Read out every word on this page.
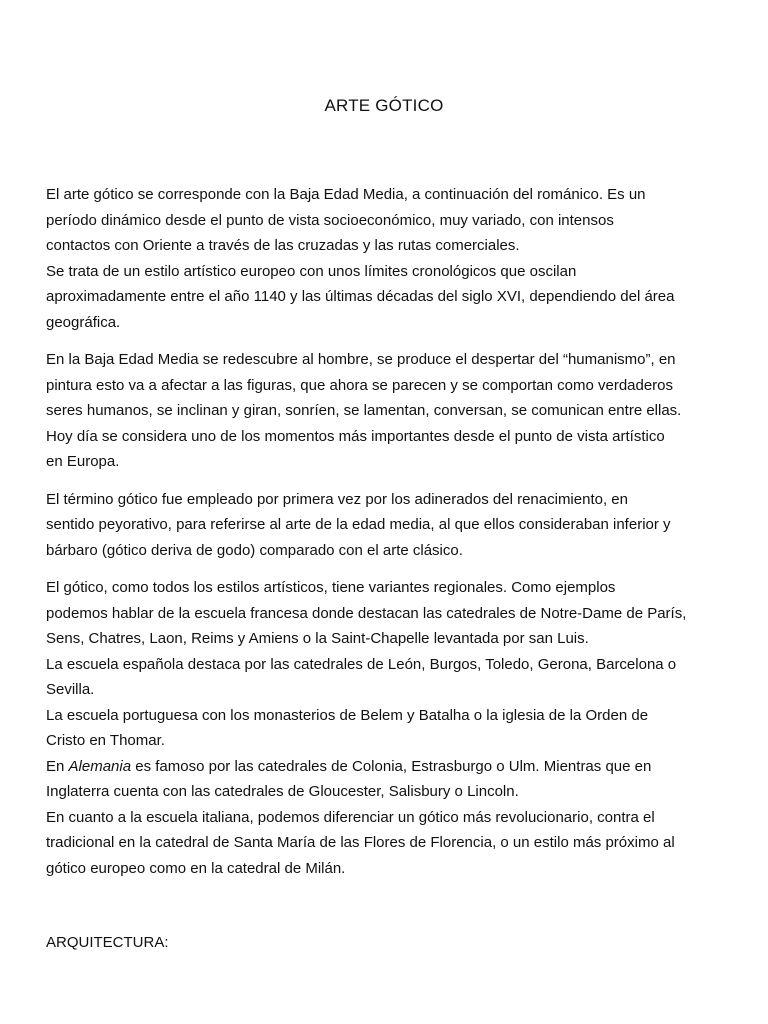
ARTE GÓTICO

El arte gótico se corresponde con la Baja Edad Media, a continuación del románico. Es un
período dinámico desde el punto de vista socioeconómico, muy variado, con intensos
contactos con Oriente a través de las cruzadas y las rutas comerciales.
Se trata de un estilo artístico europeo con unos límites cronológicos que oscilan
aproximadamente entre el año 1140 y las últimas décadas del siglo XVI, dependiendo del área
geográfica.

En la Baja Edad Media se redescubre al hombre, se produce el despertar del “humanismo”, en
pintura esto va a afectar a las figuras, que ahora se parecen y se comportan como verdaderos
seres humanos, se inclinan y giran, sonríen, se lamentan, conversan, se comunican entre ellas.
Hoy día se considera uno de los momentos más importantes desde el punto de vista artístico
en Europa.

El término gótico fue empleado por primera vez por los adinerados del renacimiento, en
sentido peyorativo, para referirse al arte de la edad media, al que ellos consideraban inferior y
bárbaro (gótico deriva de godo) comparado con el arte clásico.

El gótico, como todos los estilos artísticos, tiene variantes regionales. Como ejemplos
podemos hablar de la escuela francesa donde destacan las catedrales de Notre-Dame de París,
Sens, Chatres, Laon, Reims y Amiens o la Saint-Chapelle levantada por san Luis.
La escuela española destaca por las catedrales de León, Burgos, Toledo, Gerona, Barcelona o
Sevilla.
La escuela portuguesa con los monasterios de Belem y Batalha o la iglesia de la Orden de
Cristo en Thomar.
En Alemania es famoso por las catedrales de Colonia, Estrasburgo o Ulm. Mientras que en
Inglaterra cuenta con las catedrales de Gloucester, Salisbury o Lincoln.
En cuanto a la escuela italiana, podemos diferenciar un gótico más revolucionario, contra el
tradicional en la catedral de Santa María de las Flores de Florencia, o un estilo más próximo al
gótico europeo como en la catedral de Milán.

ARQUITECTURA:
